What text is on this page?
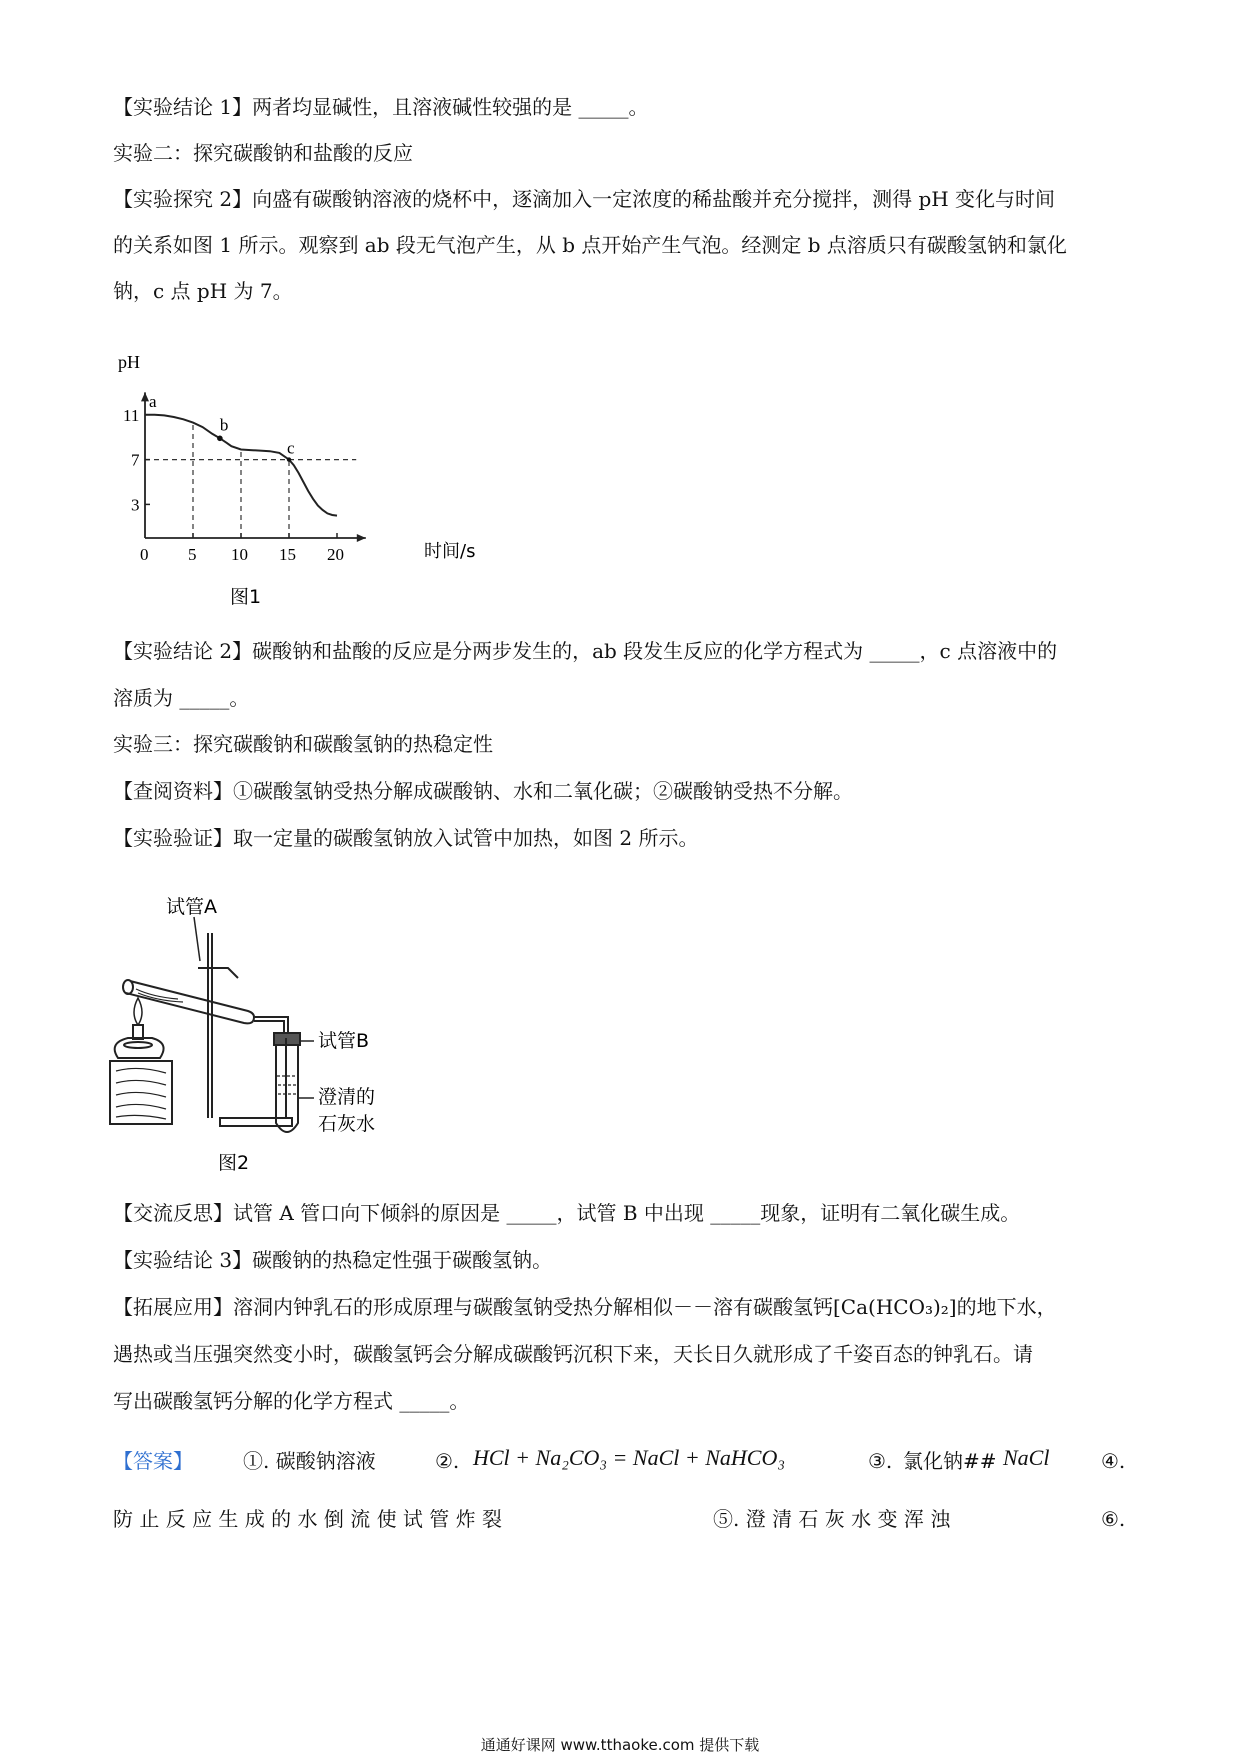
【实验结论 1】两者均显碱性，且溶液碱性较强的是 _____。
实验二：探究碳酸钠和盐酸的反应
【实验探究 2】向盛有碳酸钠溶液的烧杯中，逐滴加入一定浓度的稀盐酸并充分搅拌，测得 pH 变化与时间
的关系如图 1 所示。观察到 ab 段无气泡产生，从 b 点开始产生气泡。经测定 b 点溶质只有碳酸氢钠和氯化
钠，c 点 pH 为 7。
a
b
c
0 5 10 15 20
3
7
11
pH
时间/s
图1
【实验结论 2】碳酸钠和盐酸的反应是分两步发生的，ab 段发生反应的化学方程式为 _____，c 点溶液中的
溶质为 _____。
实验三：探究碳酸钠和碳酸氢钠的热稳定性
【查阅资料】①碳酸氢钠受热分解成碳酸钠、水和二氧化碳；②碳酸钠受热不分解。
【实验验证】取一定量的碳酸氢钠放入试管中加热，如图 2 所示。
试管A
试管B
澄清的
石灰水
图2
【交流反思】试管 A 管口向下倾斜的原因是 _____，试管 B 中出现 _____现象，证明有二氧化碳生成。
【实验结论 3】碳酸钠的热稳定性强于碳酸氢钠。
【拓展应用】溶洞内钟乳石的形成原理与碳酸氢钠受热分解相似－－溶有碳酸氢钙[Ca(HCO₃)₂]的地下水，
遇热或当压强突然变小时，碳酸氢钙会分解成碳酸钙沉积下来，天长日久就形成了千姿百态的钟乳石。请
写出碳酸氢钙分解的化学方程式 _____。
【答案】	①. 碳酸钠溶液	②. HCl + Na₂CO₃ = NaCl + NaHCO₃	③. 氯化钠## NaCl	④.
防 止 反 应 生 成 的 水 倒 流 使 试 管 炸 裂	⑤. 澄 清 石 灰 水 变 浑 浊	⑥.
通通好课网 www.tthaoke.com 提供下载
